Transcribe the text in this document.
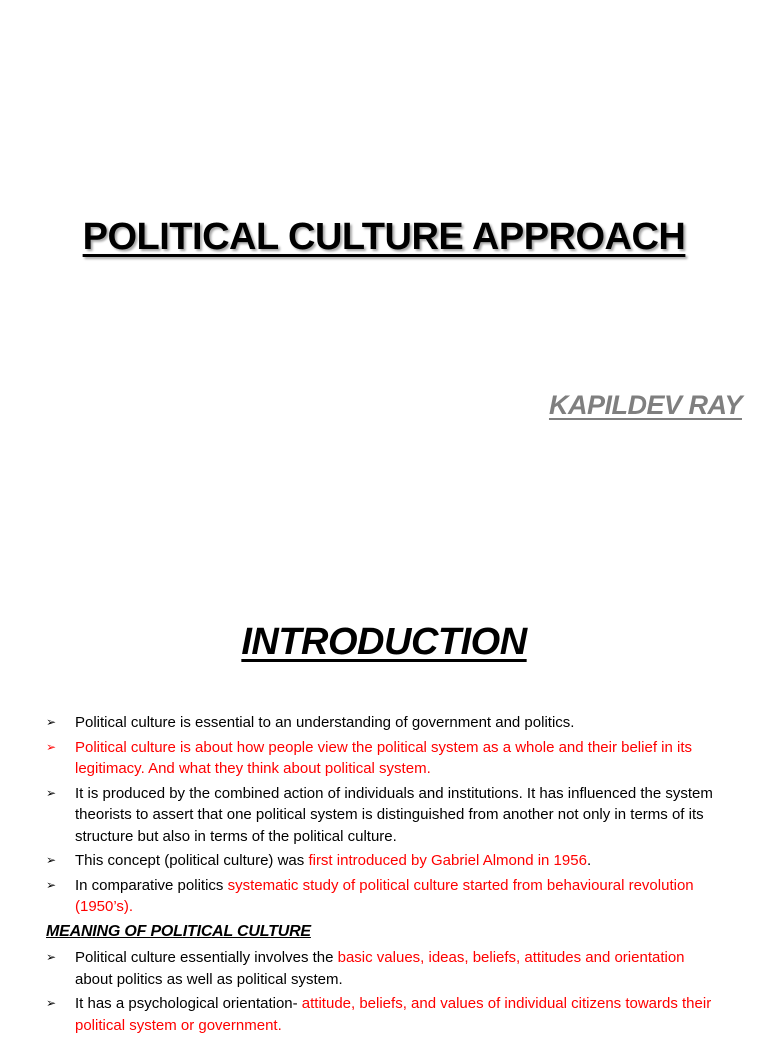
POLITICAL CULTURE APPROACH
KAPILDEV RAY
INTRODUCTION
➢	Political culture is essential to an understanding of government and politics.
➢	Political culture is about how people view the political system as a whole and their belief in its legitimacy. And what they think about political system.
➢	It is produced by the combined action of individuals and institutions. It has influenced the system theorists to assert that one political system is distinguished from another not only in terms of its structure but also in terms of the political culture.
➢	This concept (political culture) was first introduced by Gabriel Almond in 1956.
➢	In comparative politics systematic study of political culture started from behavioural revolution (1950’s).
MEANING OF POLITICAL CULTURE
➢	Political culture essentially involves the basic values, ideas, beliefs, attitudes and orientation about politics as well as political system.
➢	It has a psychological orientation- attitude, beliefs, and values of individual citizens towards their political system or government.
